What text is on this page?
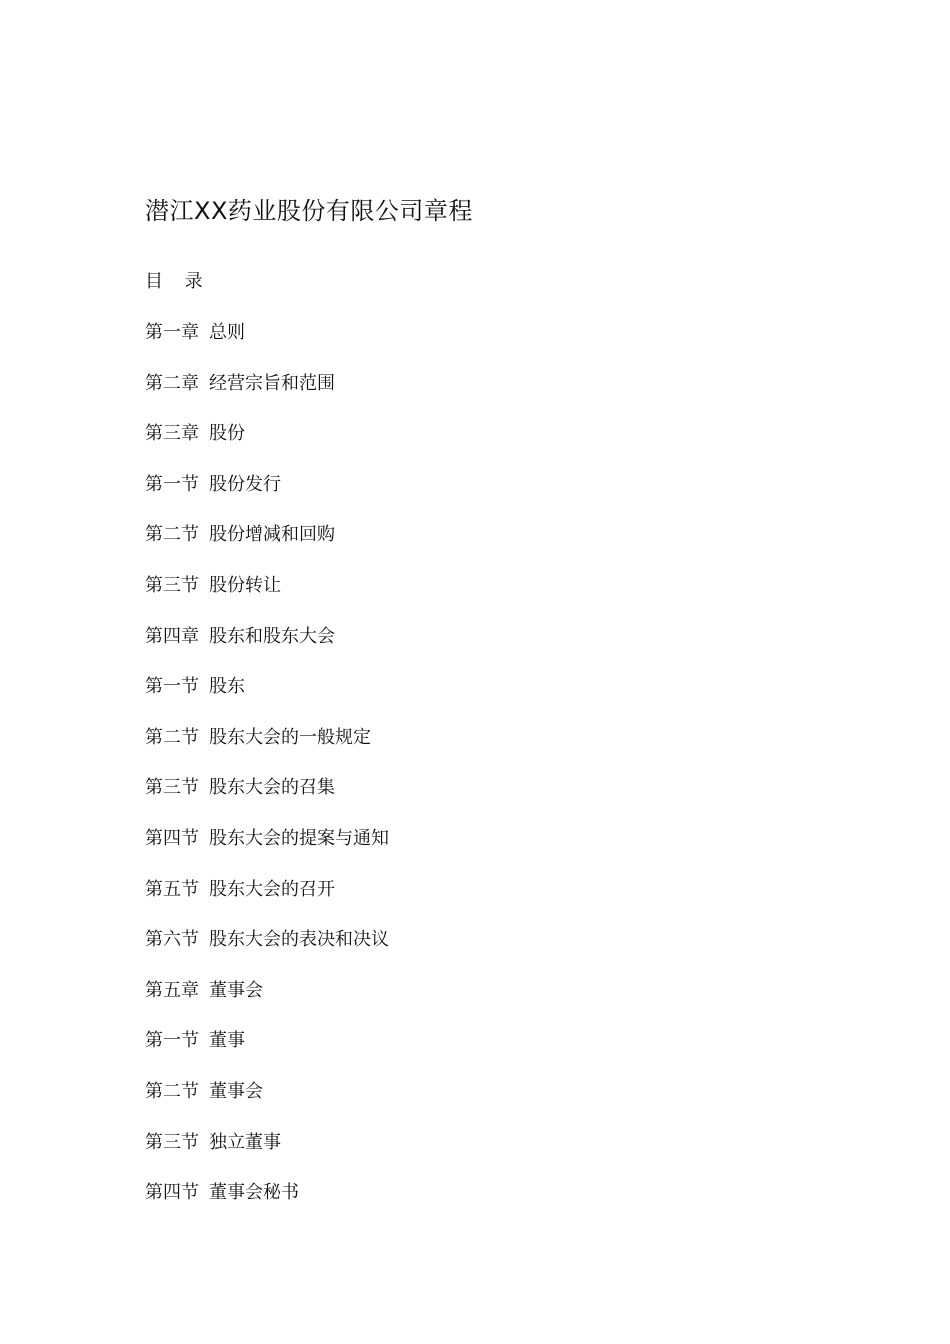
潜江XX药业股份有限公司章程
目 录
第一章 总则
第二章 经营宗旨和范围
第三章 股份
第一节 股份发行
第二节 股份增减和回购
第三节 股份转让
第四章 股东和股东大会
第一节 股东
第二节 股东大会的一般规定
第三节 股东大会的召集
第四节 股东大会的提案与通知
第五节 股东大会的召开
第六节 股东大会的表决和决议
第五章 董事会
第一节 董事
第二节 董事会
第三节 独立董事
第四节 董事会秘书
